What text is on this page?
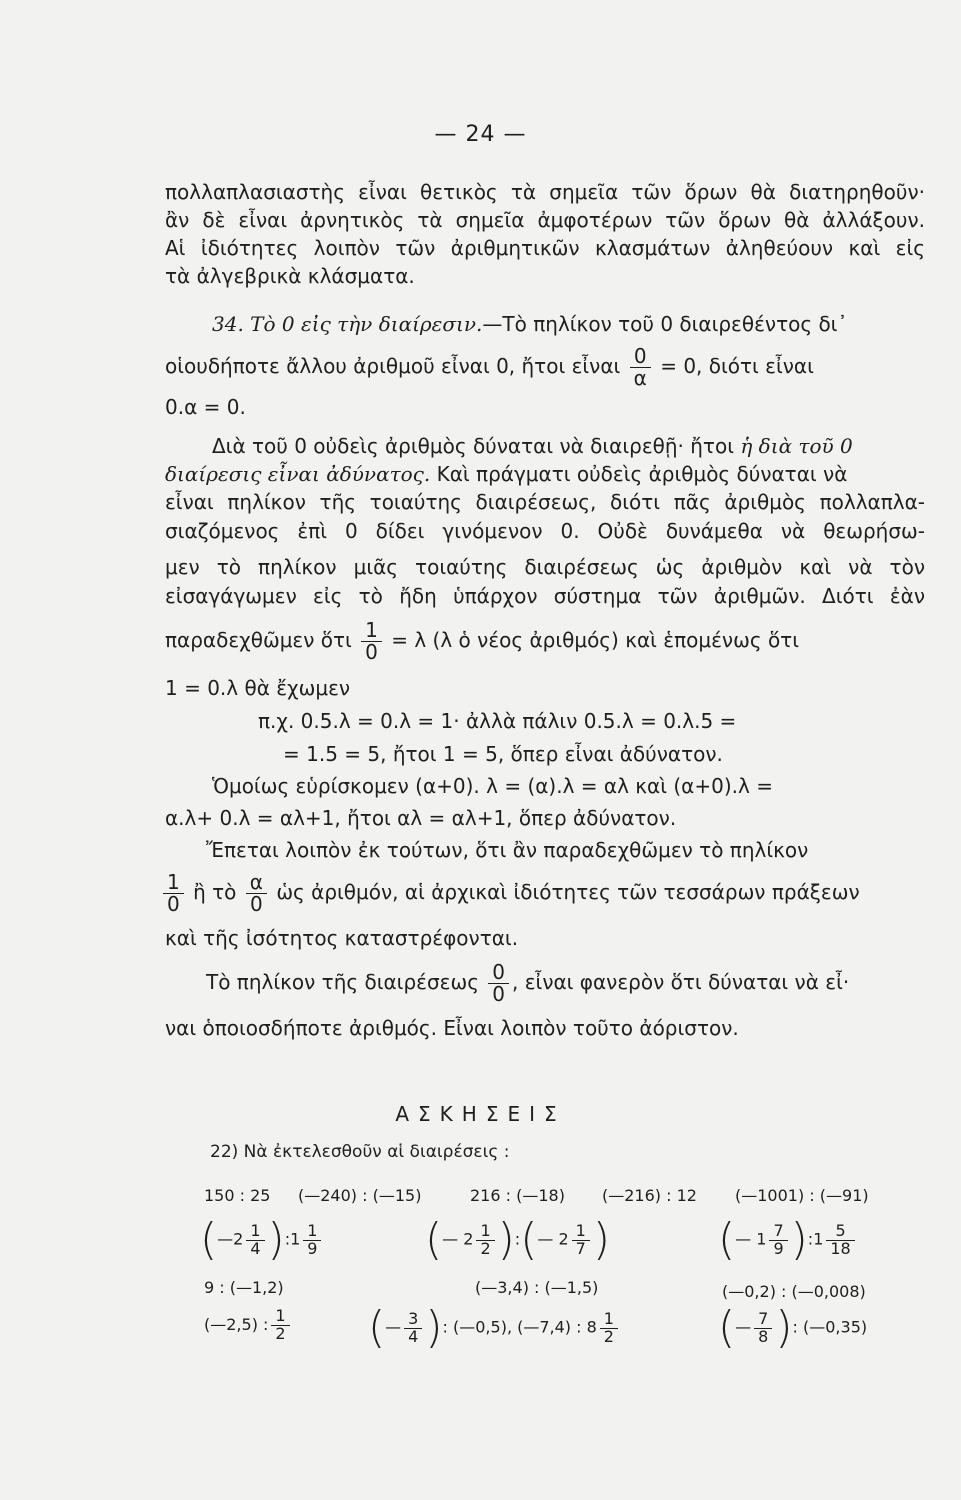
— 24 —
πολλαπλασιαστὴς εἶναι θετικὸς τὰ σημεῖα τῶν ὅρων θὰ διατηρηθοῦν·
ἂν δὲ εἶναι ἀρνητικὸς τὰ σημεῖα ἀμφοτέρων τῶν ὅρων θὰ ἀλλάξουν.
Αἱ ἰδιότητες λοιπὸν τῶν ἀριθμητικῶν κλασμάτων ἀληθεύουν καὶ εἰς
τὰ ἀλγεβρικὰ κλάσματα.
34. Τὸ 0 εἰς τὴν διαίρεσιν.—Τὸ πηλίκον τοῦ 0 διαιρεθέντος δι᾽
οἱουδήποτε ἄλλου ἀριθμοῦ εἶναι 0, ἤτοι εἶναι $\frac{0}{\alpha} = 0$, διότι εἶναι
0.α = 0.
Διὰ τοῦ 0 οὐδεὶς ἀριθμὸς δύναται νὰ διαιρεθῇ· ἤτοι ἡ διὰ τοῦ 0
διαίρεσις εἶναι ἀδύνατος. Καὶ πράγματι οὐδεὶς ἀριθμὸς δύναται νὰ
εἶναι πηλίκον τῆς τοιαύτης διαιρέσεως, διότι πᾶς ἀριθμὸς πολλαπλα-
σιαζόμενος ἐπὶ 0 δίδει γινόμενον 0. Οὐδὲ δυνάμεθα νὰ θεωρήσω-
μεν τὸ πηλίκον μιᾶς τοιαύτης διαιρέσεως ὡς ἀριθμὸν καὶ νὰ τὸν
εἰσαγάγωμεν εἰς τὸ ἤδη ὑπάρχον σύστημα τῶν ἀριθμῶν. Διότι ἐὰν
παραδεχθῶμεν ὅτι $\frac{1}{0} = \lambda$ (λ ὁ νέος ἀριθμός) καὶ ἑπομένως ὅτι
1 = 0.λ θὰ ἔχωμεν
π.χ. 0.5.λ = 0.λ = 1· ἀλλὰ πάλιν 0.5.λ = 0.λ.5 =
= 1.5 = 5, ἤτοι 1 = 5, ὅπερ εἶναι ἀδύνατον.
Ὁμοίως εὑρίσκομεν (α+0). λ = (α).λ = αλ καὶ (α+0).λ =
α.λ+ 0.λ = αλ+1, ἤτοι αλ = αλ+1, ὅπερ ἀδύνατον.
Ἔπεται λοιπὸν ἐκ τούτων, ὅτι ἂν παραδεχθῶμεν τὸ πηλίκον
$\frac{1}{0}$ ἢ τὸ $\frac{\alpha}{0}$ ὡς ἀριθμόν, αἱ ἀρχικαὶ ἰδιότητες τῶν τεσσάρων πράξεων
καὶ τῆς ἰσότητος καταστρέφονται.
Τὸ πηλίκον τῆς διαιρέσεως $\frac{0}{0}$ , εἶναι φανερὸν ὅτι δύναται νὰ εἶ·
ναι ὁποιοσδήποτε ἀριθμός. Εἶναι λοιπὸν τοῦτο ἀόριστον.
ΑΣΚΗΣΕΙΣ
22) Νὰ ἐκτελεσθοῦν αἱ διαιρέσεις :
150 : 25 (—240) : (—15)	216 : (—18) (—216) : 12 (—1001) : (—91)
(—2 $\frac{1}{4}$ ):1 $\frac{1}{9}$ (— $2 \frac{1}{2}$ ):(— $2 \frac{1}{7}$ ) (— $1 \frac{7}{9}$ ):1 $\frac{5}{18}$
9 : (—1,2)	(—3,4) : (—1,5)	(—0,2) : (—0,008)
(—2,5) : $\frac{1}{2}$ (— $\frac{3}{4}$ ): (—0,5), (—7,4) : $8 \frac{1}{2}$ (— $\frac{7}{8}$ ): (—0,35)
